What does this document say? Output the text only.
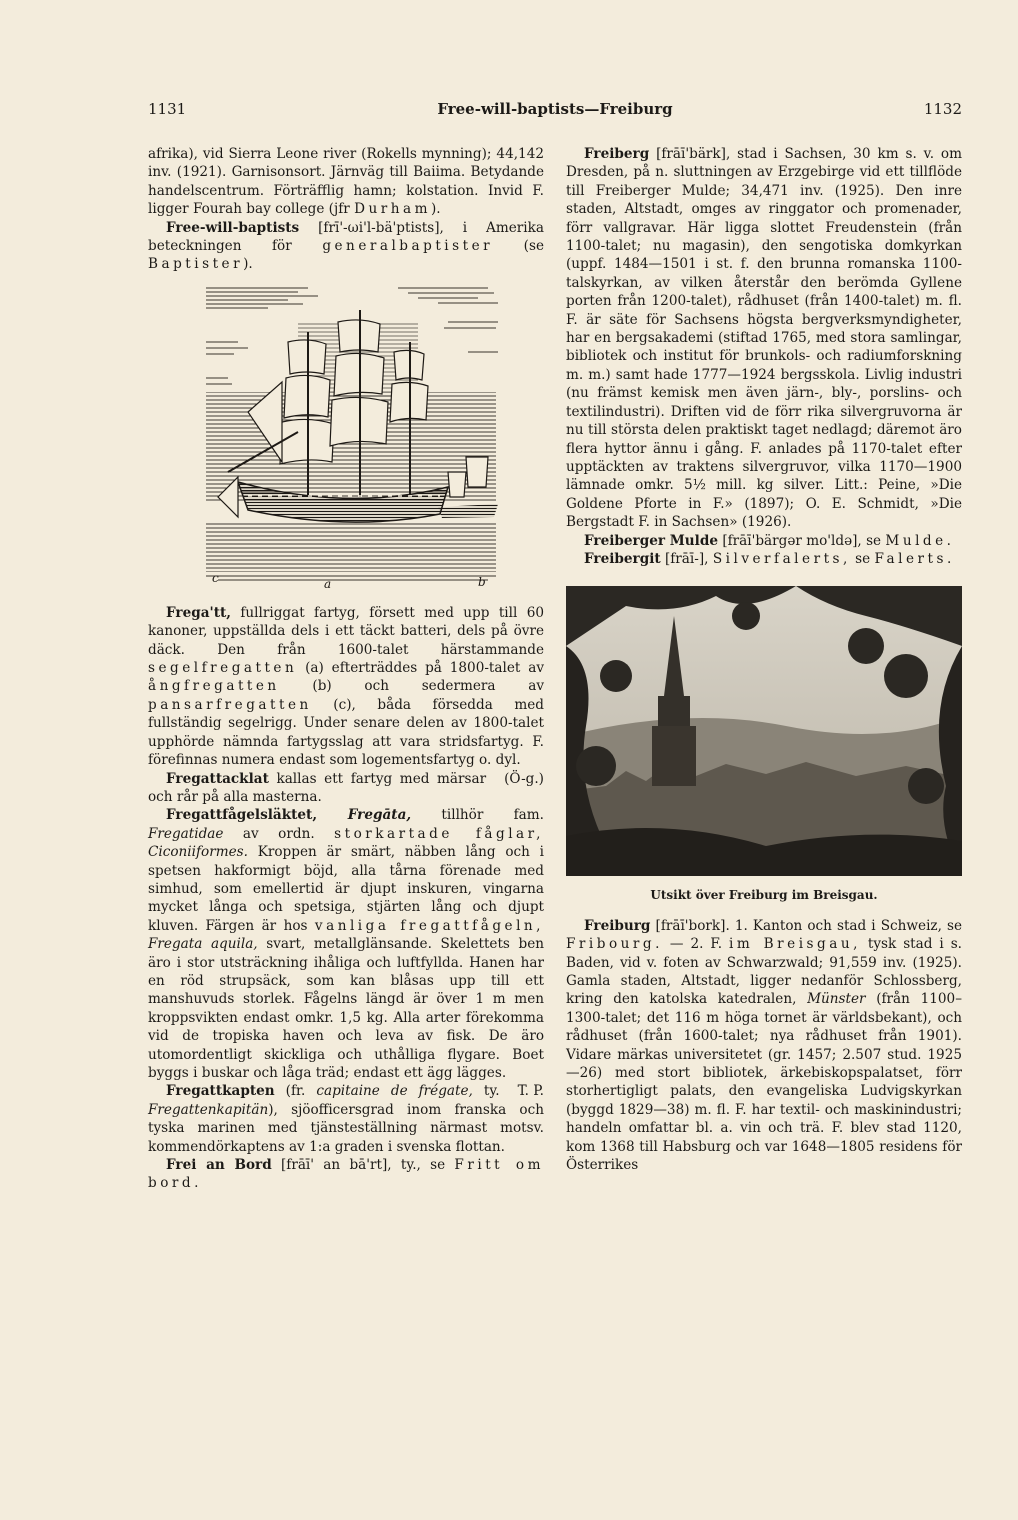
1131	Free-will-baptists—Freiburg	1132

afrika), vid Sierra Leone river (Rokells mynning); 44,142 inv. (1921). Garnisonsort. Järnväg till Baiima. Betydande handelscentrum. Förträfflig hamn; kolstation. Invid F. ligger Fourah bay college (jfr Durham).

Free-will-baptists [frī'-ωi'l-bä'ptists], i Amerika beteckningen för generalbaptister (se Baptister).

c	a	b

Frega'tt, fullriggat fartyg, försett med upp till 60 kanoner, uppställda dels i ett täckt batteri, dels på övre däck. Den från 1600-talet härstammande segelfregatten (a) efterträddes på 1800-talet av ångfregatten (b) och sedermera av pansarfregatten (c), båda försedda med fullständig segelrigg. Under senare delen av 1800-talet upphörde nämnda fartygsslag att vara stridsfartyg. F. förefinnas numera endast som logementsfartyg o. dyl.
(Ö-g.)

Fregattacklat kallas ett fartyg med märsar och rår på alla masterna.

Fregattfågelsläktet, Fregāta, tillhör fam. Fregatidae av ordn. storkartade fåglar, Ciconiiformes. Kroppen är smärt, näbben lång och i spetsen hakformigt böjd, alla tårna förenade med simhud, som emellertid är djupt inskuren, vingarna mycket långa och spetsiga, stjärten lång och djupt kluven. Färgen är hos vanliga fregattfågeln, Fregata aquila, svart, metallglänsande. Skelettets ben äro i stor utsträckning ihåliga och luftfyllda. Hanen har en röd strupsäck, som kan blåsas upp till ett manshuvuds storlek. Fågelns längd är över 1 m men kroppsvikten endast omkr. 1,5 kg. Alla arter förekomma vid de tropiska haven och leva av fisk. De äro utomordentligt skickliga och uthålliga flygare. Boet byggs i buskar och låga träd; endast ett ägg lägges.
T. P.

Fregattkapten (fr. capitaine de frégate, ty. Fregattenkapitän), sjöofficersgrad inom franska och tyska marinen med tjänsteställning närmast motsv. kommendörkaptens av 1:a graden i svenska flottan.

Frei an Bord [frāī' an bā'rt], ty., se Fritt om bord.

Freiberg [frāī'bärk], stad i Sachsen, 30 km s. v. om Dresden, på n. sluttningen av Erzgebirge vid ett tillflöde till Freiberger Mulde; 34,471 inv. (1925). Den inre staden, Altstadt, omges av ringgator och promenader, förr vallgravar. Här ligga slottet Freudenstein (från 1100-talet; nu magasin), den sengotiska domkyrkan (uppf. 1484—1501 i st. f. den brunna romanska 1100-talskyrkan, av vilken återstår den berömda Gyllene porten från 1200-talet), rådhuset (från 1400-talet) m. fl. F. är säte för Sachsens högsta bergverksmyndigheter, har en bergsakademi (stiftad 1765, med stora samlingar, bibliotek och institut för brunkols- och radiumforskning m. m.) samt hade 1777—1924 bergsskola. Livlig industri (nu främst kemisk men även järn-, bly-, porslins- och textilindustri). Driften vid de förr rika silvergruvorna är nu till största delen praktiskt taget nedlagd; däremot äro flera hyttor ännu i gång. F. anlades på 1170-talet efter upptäckten av traktens silvergruvor, vilka 1170—1900 lämnade omkr. 5½ mill. kg silver. Litt.: Peine, »Die Goldene Pforte in F.» (1897); O. E. Schmidt, »Die Bergstadt F. in Sachsen» (1926).

Freiberger Mulde [frāī'bärgər mo'ldə], se Mulde.

Freibergit [frāī-], Silverfalerts, se Falerts.

Utsikt över Freiburg im Breisgau.

Freiburg [frāī'bork]. 1. Kanton och stad i Schweiz, se Fribourg. — 2. F. im Breisgau, tysk stad i s. Baden, vid v. foten av Schwarzwald; 91,559 inv. (1925). Gamla staden, Altstadt, ligger nedanför Schlossberg, kring den katolska katedralen, Münster (från 1100–1300-talet; det 116 m höga tornet är världsbekant), och rådhuset (från 1600-talet; nya rådhuset från 1901). Vidare märkas universitetet (gr. 1457; 2.507 stud. 1925—26) med stort bibliotek, ärkebiskopspalatset, förr storhertigligt palats, den evangeliska Ludvigskyrkan (byggd 1829—38) m. fl. F. har textil- och maskinindustri; handeln omfattar bl. a. vin och trä. F. blev stad 1120, kom 1368 till Habsburg och var 1648—1805 residens för Österrikes
